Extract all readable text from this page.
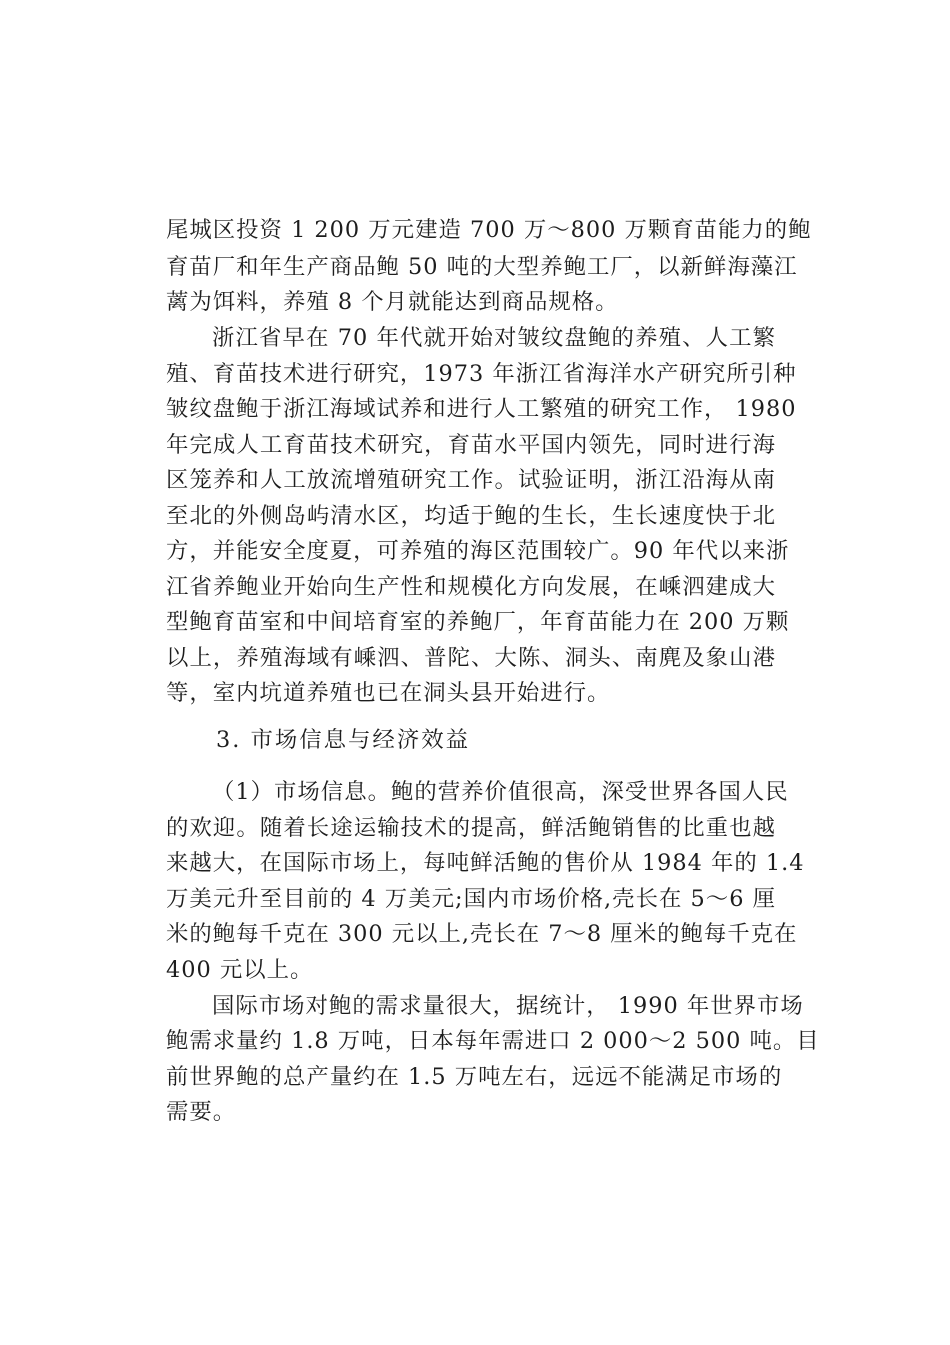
尾城区投资 1 200 万元建造 700 万～800 万颗育苗能力的鲍
育苗厂和年生产商品鲍 50 吨的大型养鲍工厂，以新鲜海藻江
蓠为饵料，养殖 8 个月就能达到商品规格。
浙江省早在 70 年代就开始对皱纹盘鲍的养殖、人工繁
殖、育苗技术进行研究，1973 年浙江省海洋水产研究所引种
皱纹盘鲍于浙江海域试养和进行人工繁殖的研究工作， 1980
年完成人工育苗技术研究，育苗水平国内领先，同时进行海
区笼养和人工放流增殖研究工作。试验证明，浙江沿海从南
至北的外侧岛屿清水区，均适于鲍的生长，生长速度快于北
方，并能安全度夏，可养殖的海区范围较广。90 年代以来浙
江省养鲍业开始向生产性和规模化方向发展，在嵊泗建成大
型鲍育苗室和中间培育室的养鲍厂，年育苗能力在 200 万颗
以上，养殖海域有嵊泗、普陀、大陈、洞头、南麂及象山港
等，室内坑道养殖也已在洞头县开始进行。
3. 市场信息与经济效益
（1）市场信息。鲍的营养价值很高，深受世界各国人民
的欢迎。随着长途运输技术的提高，鲜活鲍销售的比重也越
来越大，在国际市场上，每吨鲜活鲍的售价从 1984 年的 1.4
万美元升至目前的 4 万美元;国内市场价格,壳长在 5～6 厘
米的鲍每千克在 300 元以上,壳长在 7～8 厘米的鲍每千克在
400 元以上。
国际市场对鲍的需求量很大，据统计， 1990 年世界市场
鲍需求量约 1.8 万吨，日本每年需进口 2 000～2 500 吨。目
前世界鲍的总产量约在 1.5 万吨左右，远远不能满足市场的
需要。
